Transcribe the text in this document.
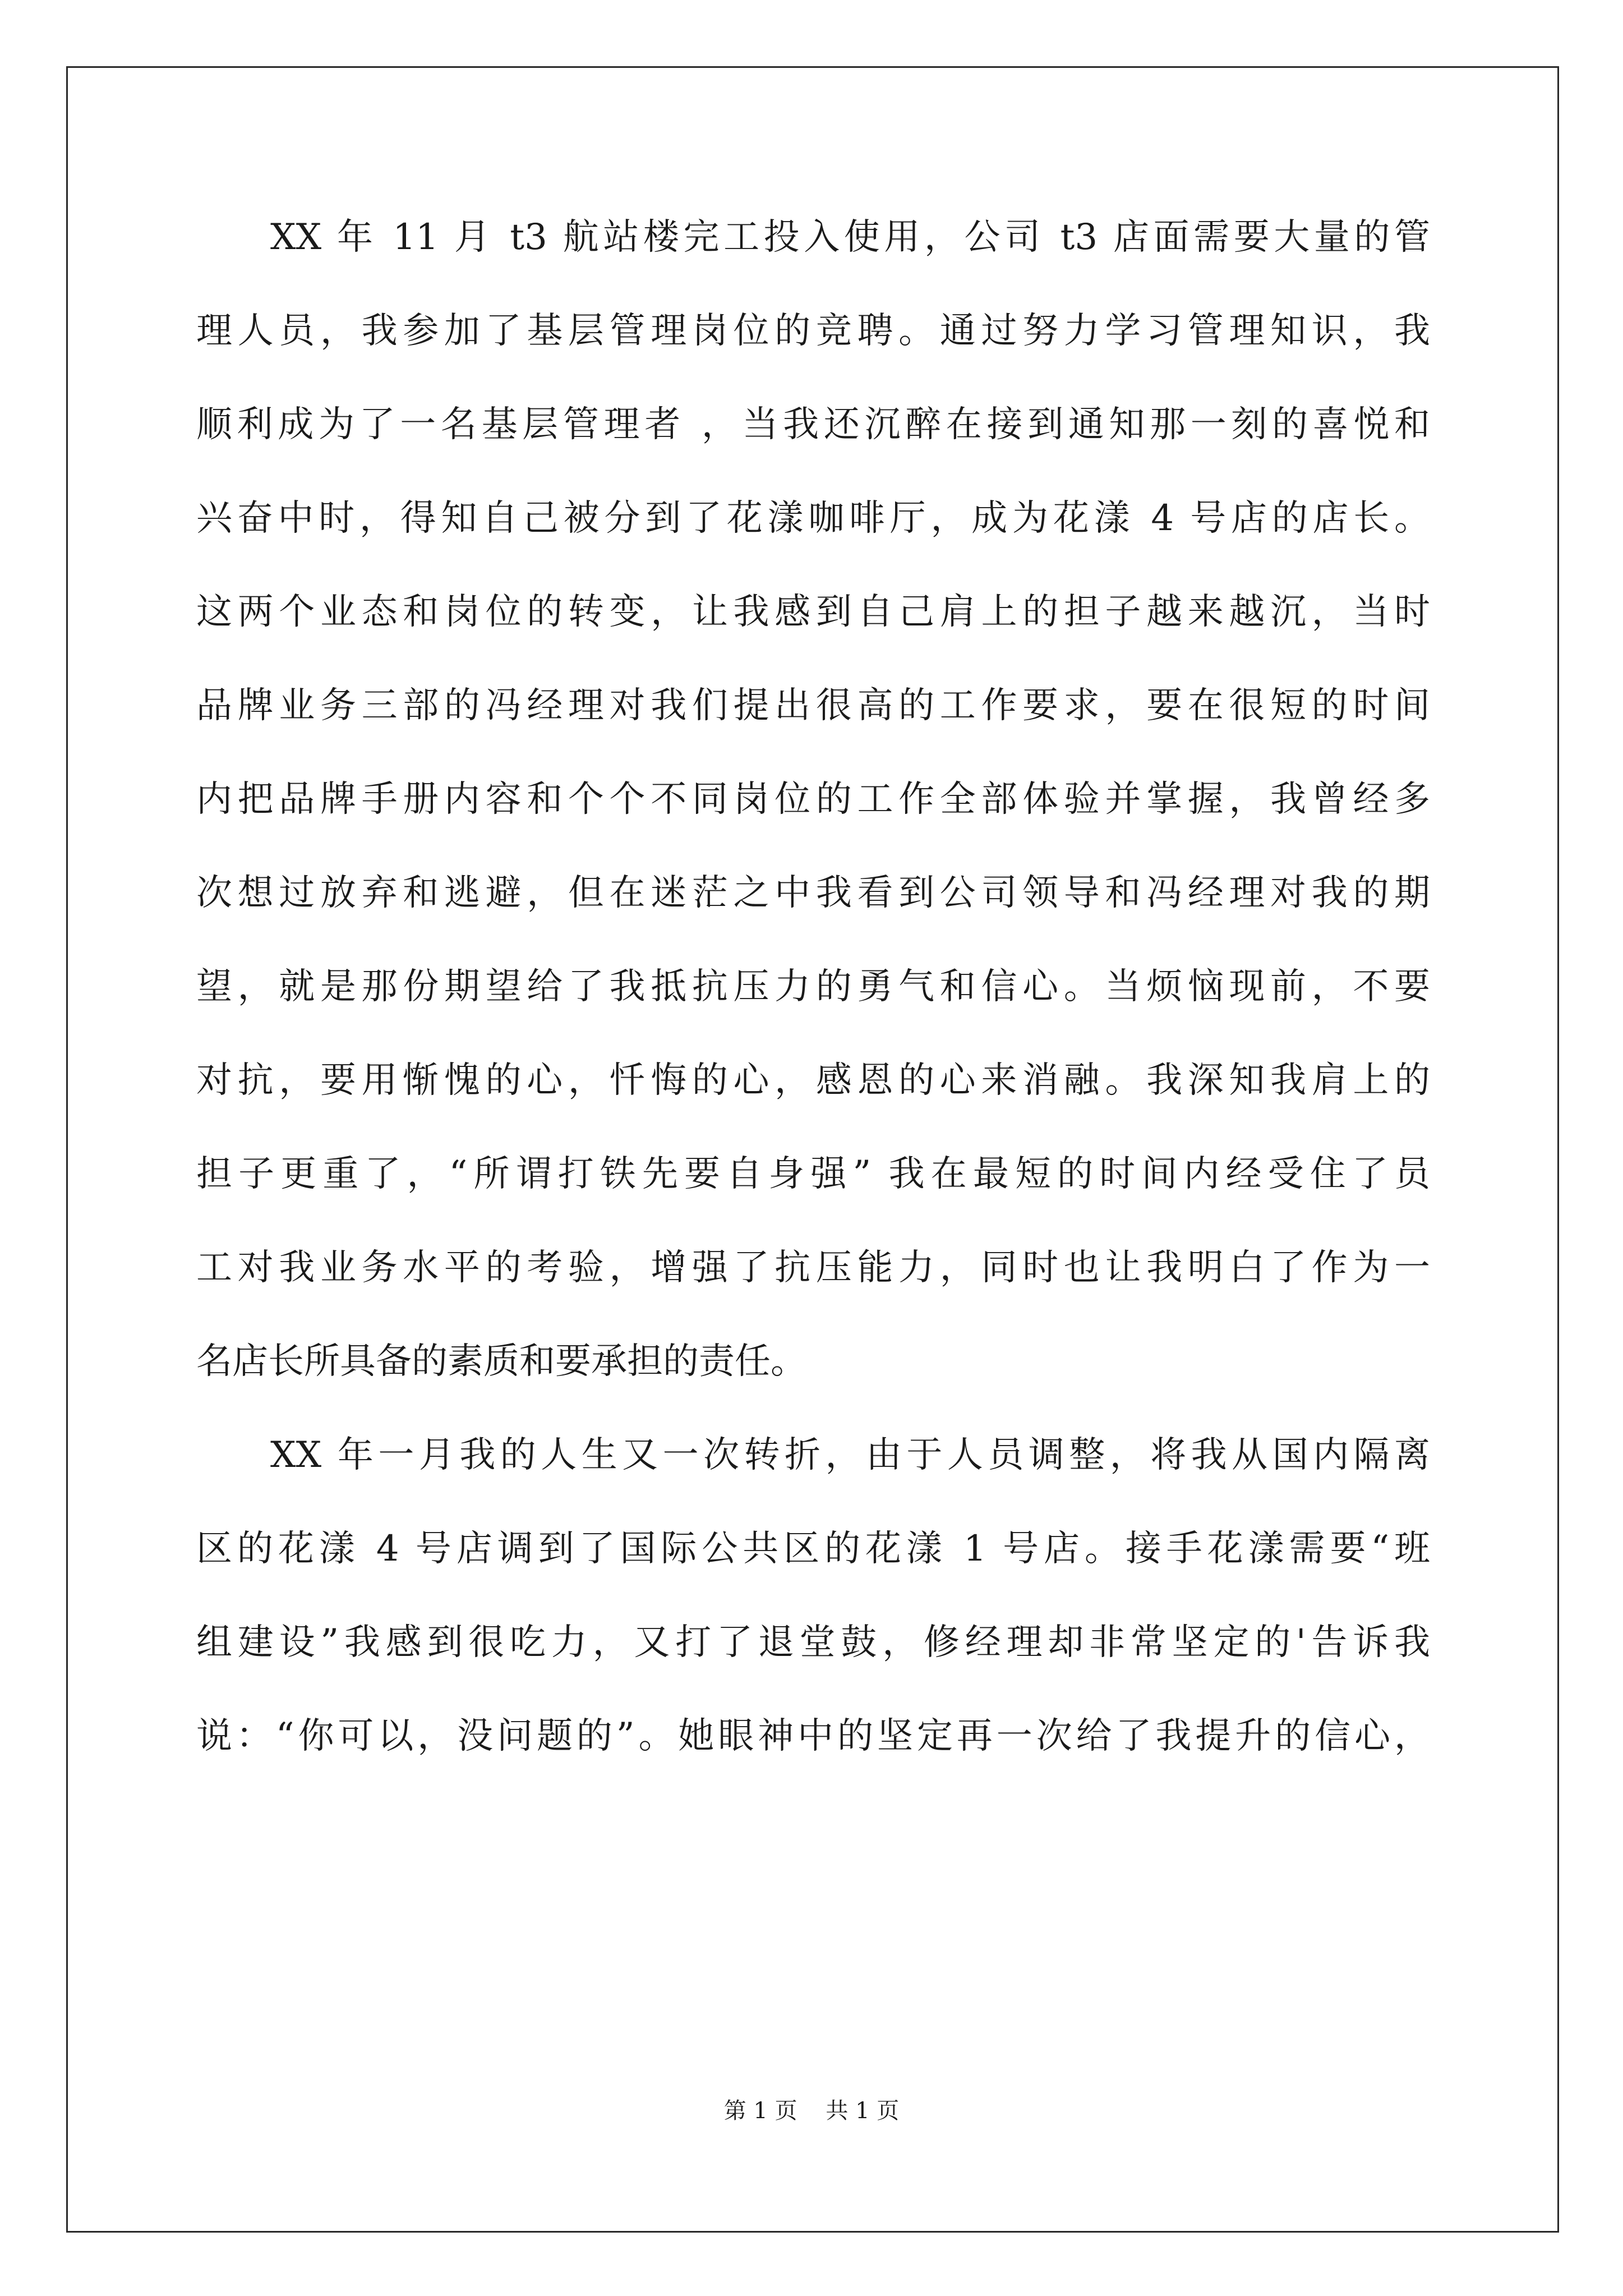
XX 年 11 月 t3 航站楼完工投入使用，公司 t3 店面需要大量的管
理人员，我参加了基层管理岗位的竞聘。通过努力学习管理知识，我
顺利成为了一名基层管理者 ，当我还沉醉在接到通知那一刻的喜悦和
兴奋中时，得知自己被分到了花漾咖啡厅，成为花漾 4 号店的店长。
这两个业态和岗位的转变，让我感到自己肩上的担子越来越沉，当时
品牌业务三部的冯经理对我们提出很高的工作要求，要在很短的时间
内把品牌手册内容和个个不同岗位的工作全部体验并掌握，我曾经多
次想过放弃和逃避，但在迷茫之中我看到公司领导和冯经理对我的期
望，就是那份期望给了我抵抗压力的勇气和信心。当烦恼现前，不要
对抗，要用惭愧的心，忏悔的心，感恩的心来消融。我深知我肩上的
担子更重了，“所谓打铁先要自身强” 我在最短的时间内经受住了员
工对我业务水平的考验，增强了抗压能力，同时也让我明白了作为一
名店长所具备的素质和要承担的责任。
XX 年一月我的人生又一次转折，由于人员调整，将我从国内隔离
区的花漾 4 号店调到了国际公共区的花漾 1 号店。接手花漾需要“班
组建设”我感到很吃力，又打了退堂鼓，修经理却非常坚定的'告诉我
说：“你可以，没问题的”。她眼神中的坚定再一次给了我提升的信心，
第 1 页    共 1 页
